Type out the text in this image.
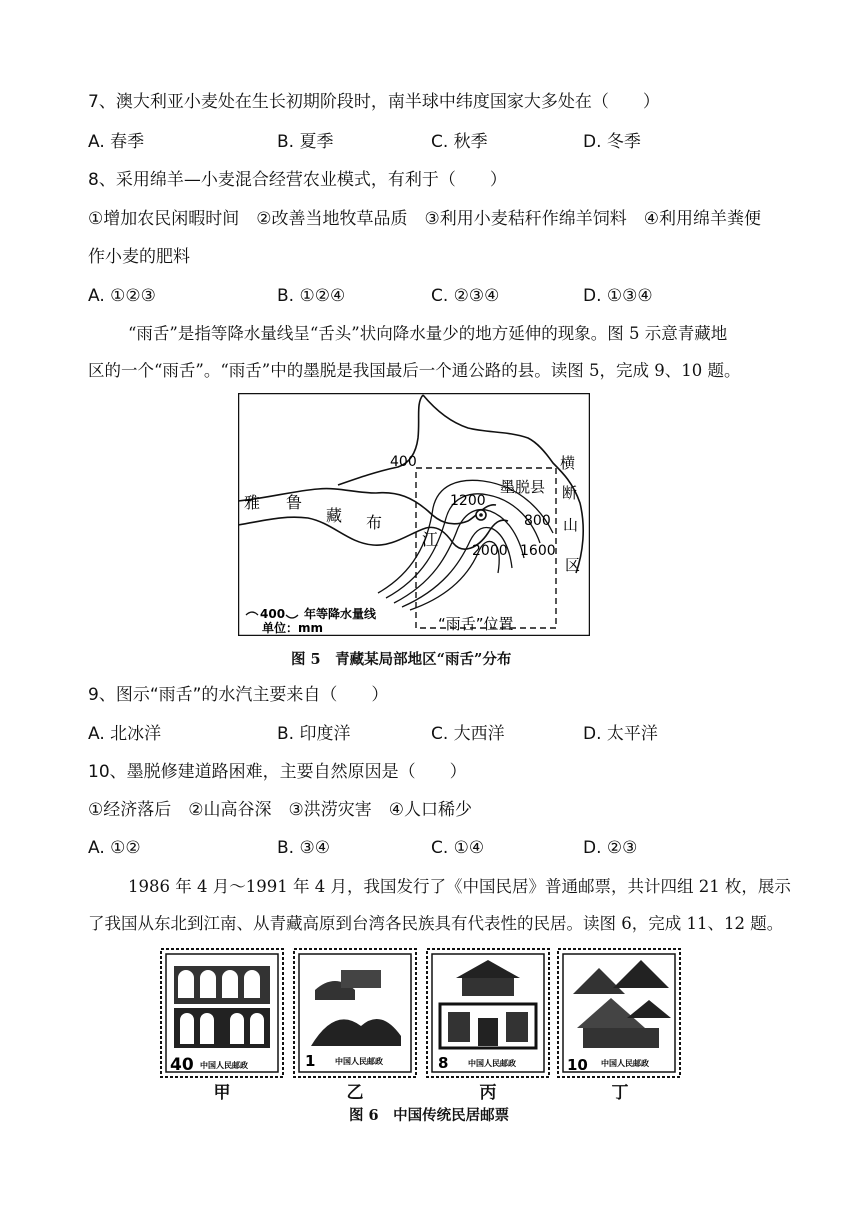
7、澳大利亚小麦处在生长初期阶段时，南半球中纬度国家大多处在（　　）
A. 春季	B. 夏季	C. 秋季	D. 冬季
8、采用绵羊—小麦混合经营农业模式，有利于（　　）
①增加农民闲暇时间　②改善当地牧草品质　③利用小麦秸秆作绵羊饲料　④利用绵羊粪便
作小麦的肥料
A. ①②③	B. ①②④	C. ②③④	D. ①③④
“雨舌”是指等降水量线呈“舌头”状向降水量少的地方延伸的现象。图 5 示意青藏地
区的一个“雨舌”。“雨舌”中的墨脱是我国最后一个通公路的县。读图 5，完成 9、10 题。
雅 鲁
藏 布
江
横
断
山
区
墨脱县
400
1200
800
2000 1600
400 年等降水量线
单位：mm	“雨舌”位置
图 5　青藏某局部地区“雨舌”分布
9、图示“雨舌”的水汽主要来自（　　）
A. 北冰洋	B. 印度洋	C. 大西洋	D. 太平洋
10、墨脱修建道路困难，主要自然原因是（　　）
①经济落后　②山高谷深　③洪涝灾害　④人口稀少
A. ①②	B. ③④	C. ①④	D. ②③
1986 年 4 月～1991 年 4 月，我国发行了《中国民居》普通邮票，共计四组 21 枚，展示
了我国从东北到江南、从青藏高原到台湾各民族具有代表性的民居。读图 6，完成 11、12 题。
40 中国人民邮政	1 中国人民邮政	8 中国人民邮政	10 中国人民邮政
甲	乙	丙	丁
图 6　中国传统民居邮票
